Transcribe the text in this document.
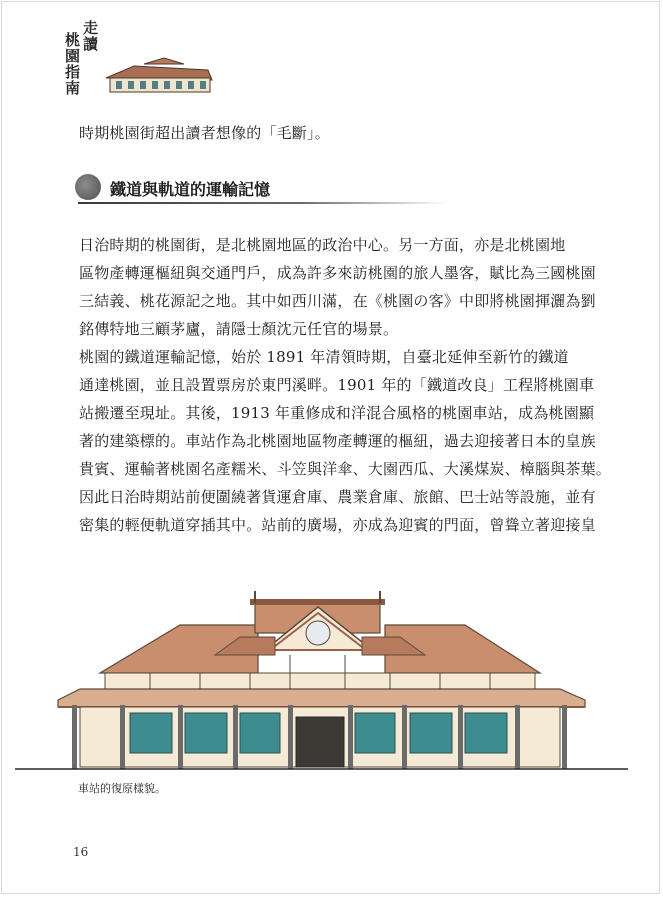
走讀
桃園指南
時期桃園街超出讀者想像的「毛斷」。
鐵道與軌道的運輸記憶
日治時期的桃園街，是北桃園地區的政治中心。另一方面，亦是北桃園地
區物產轉運樞紐與交通門戶，成為許多來訪桃園的旅人墨客，賦比為三國桃園
三結義、桃花源記之地。其中如西川滿，在《桃園の客》中即將桃園揮灑為劉
銘傳特地三顧茅廬，請隱士顏沈元任官的場景。
桃園的鐵道運輸記憶，始於 1891 年清領時期，自臺北延伸至新竹的鐵道
通達桃園，並且設置票房於東門溪畔。1901 年的「鐵道改良」工程將桃園車
站搬遷至現址。其後，1913 年重修成和洋混合風格的桃園車站，成為桃園顯
著的建築標的。車站作為北桃園地區物產轉運的樞紐，過去迎接著日本的皇族
貴賓、運輸著桃園名產糯米、斗笠與洋傘、大園西瓜、大溪煤炭、樟腦與茶葉。
因此日治時期站前便圍繞著貨運倉庫、農業倉庫、旅館、巴士站等設施，並有
密集的輕便軌道穿插其中。站前的廣場，亦成為迎賓的門面，曾聳立著迎接皇
車站的復原樣貌。
16
